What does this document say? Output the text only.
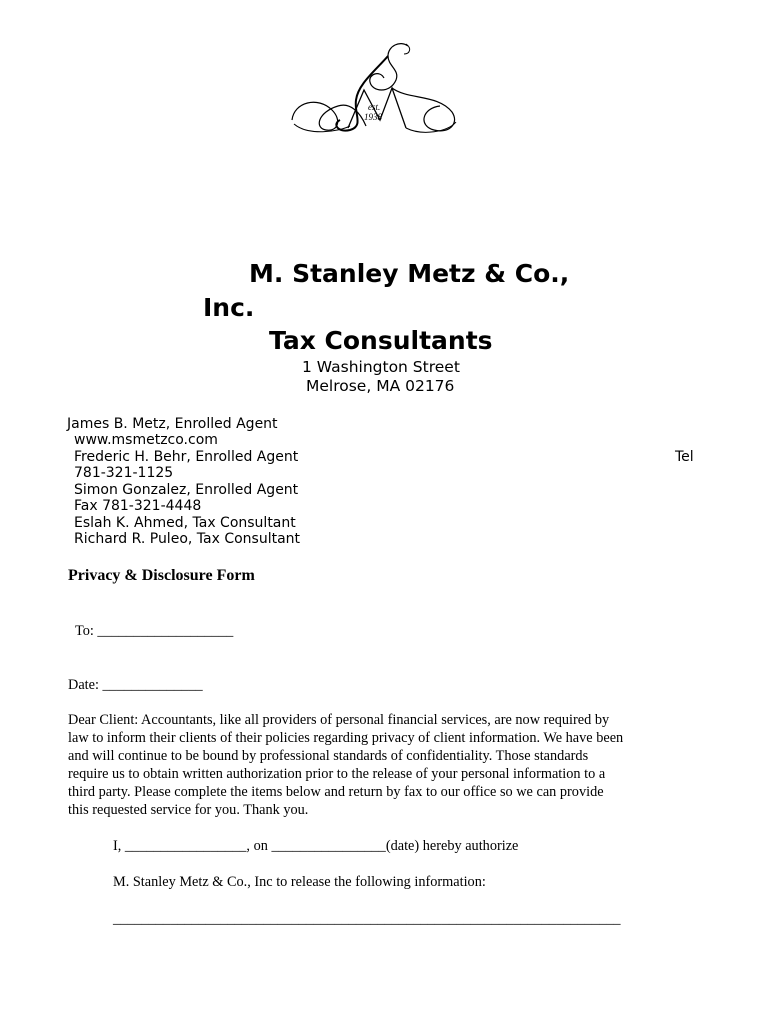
est.
1938
M. Stanley Metz & Co.,
Inc.
Tax Consultants
1 Washington Street
Melrose, MA 02176
James B. Metz, Enrolled Agent
www.msmetzco.com
Frederic H. Behr, Enrolled Agent	Tel
781-321-1125
Simon Gonzalez, Enrolled Agent
Fax 781-321-4448
Eslah K. Ahmed, Tax Consultant
Richard R. Puleo, Tax Consultant
Privacy & Disclosure Form
To: ___________________
Date: ______________
Dear Client: Accountants, like all providers of personal financial services, are now required by
law to inform their clients of their policies regarding privacy of client information. We have been
and will continue to be bound by professional standards of confidentiality. Those standards
require us to obtain written authorization prior to the release of your personal information to a
third party. Please complete the items below and return by fax to our office so we can provide
this requested service for you. Thank you.
I, _________________, on ________________(date) hereby authorize
M. Stanley Metz & Co., Inc to release the following information:
_______________________________________________________________________
